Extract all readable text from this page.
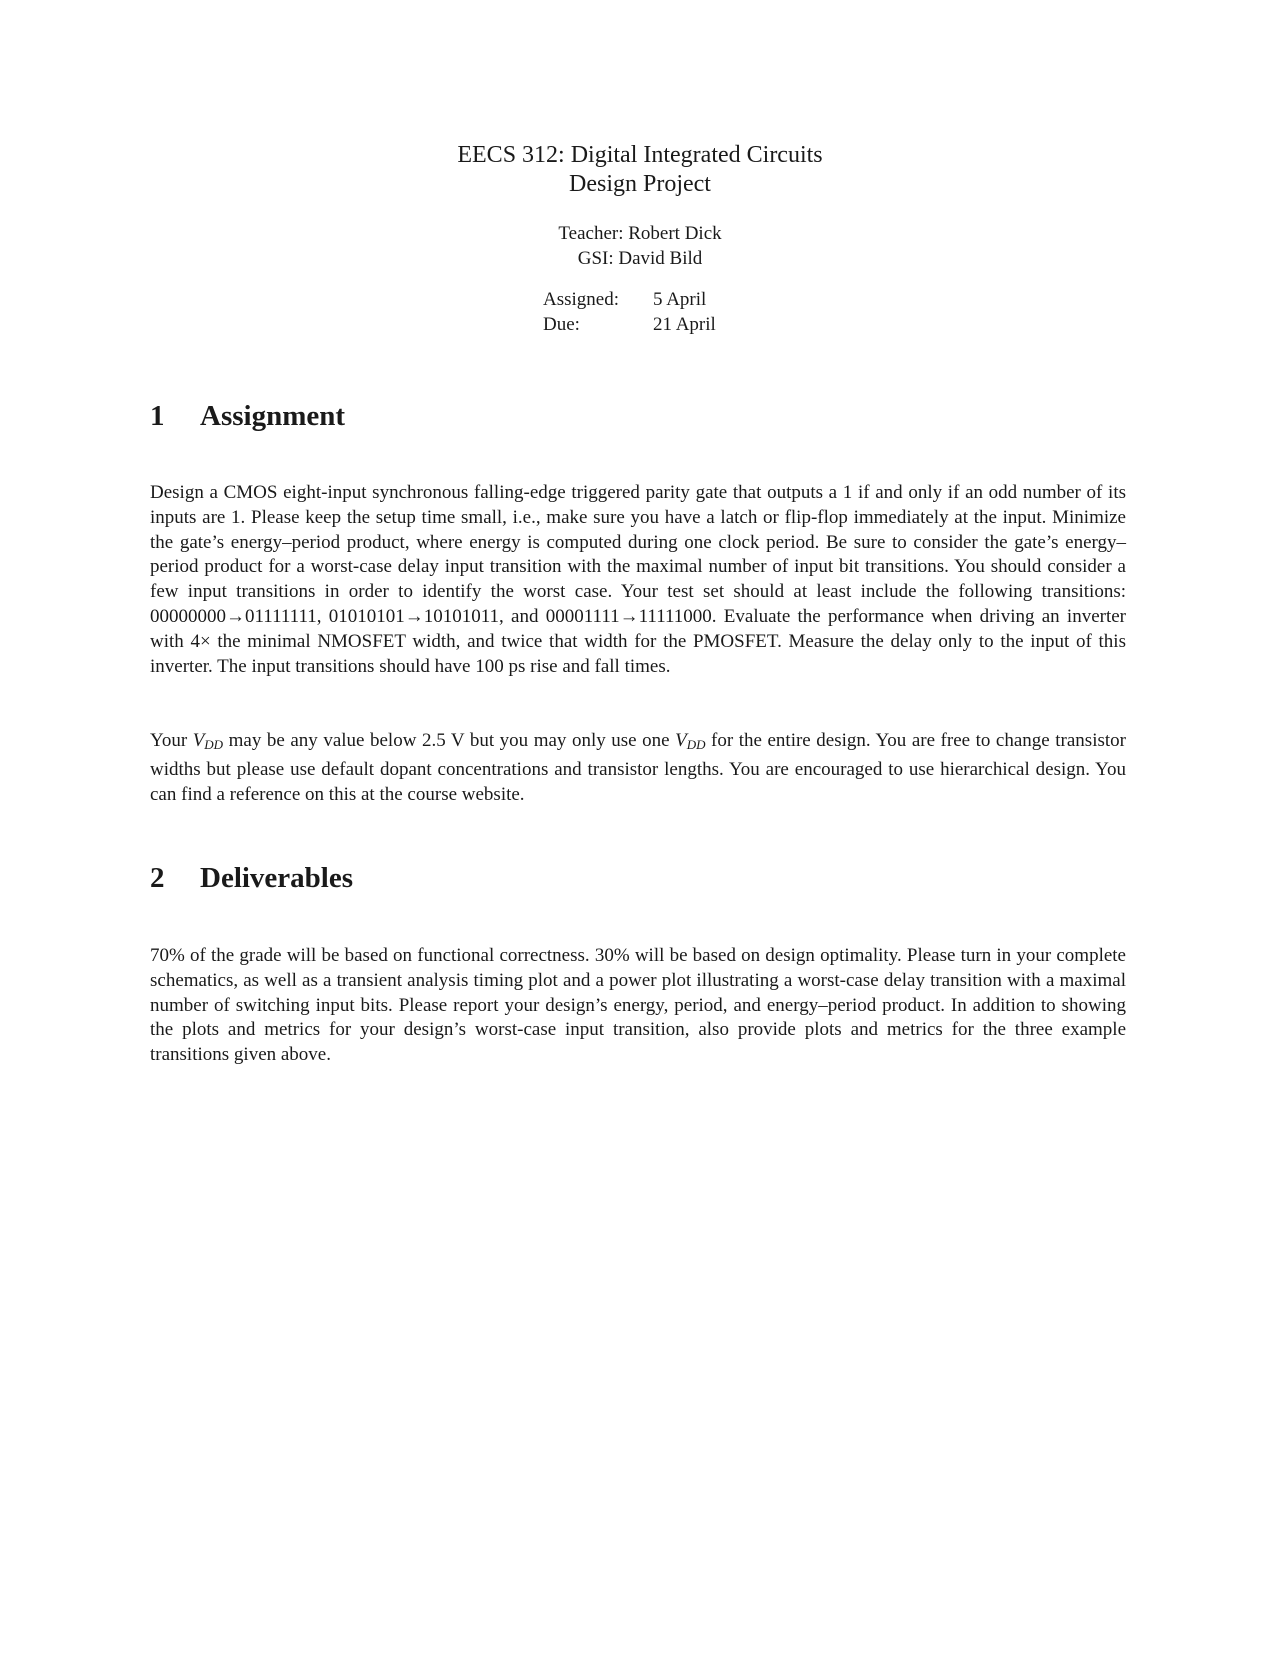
EECS 312: Digital Integrated Circuits
Design Project
Teacher: Robert Dick
GSI: David Bild
Assigned:	5 April
Due:	21 April
1 Assignment

Design a CMOS eight-input synchronous falling-edge triggered parity gate that outputs a 1 if and only if an odd number of its inputs are 1. Please keep the setup time small, i.e., make sure you have a latch or flip-flop immediately at the input. Minimize the gate’s energy–period product, where energy is computed during one clock period. Be sure to consider the gate’s energy–period product for a worst-case delay input transition with the maximal number of input bit transitions. You should consider a few input transitions in order to identify the worst case. Your test set should at least include the following transitions: 00000000→01111111, 01010101→10101011, and 00001111→11111000. Evaluate the performance when driving an inverter with 4× the minimal NMOSFET width, and twice that width for the PMOSFET. Measure the delay only to the input of this inverter. The input transitions should have 100 ps rise and fall times.

Your $V_{DD}$ may be any value below 2.5 V but you may only use one $V_{DD}$ for the entire design. You are free to change transistor widths but please use default dopant concentrations and transistor lengths. You are encouraged to use hierarchical design. You can find a reference on this at the course website.

2 Deliverables

70% of the grade will be based on functional correctness. 30% will be based on design optimality. Please turn in your complete schematics, as well as a transient analysis timing plot and a power plot illustrating a worst-case delay transition with a maximal number of switching input bits. Please report your design’s energy, period, and energy–period product. In addition to showing the plots and metrics for your design’s worst-case input transition, also provide plots and metrics for the three example transitions given above.
